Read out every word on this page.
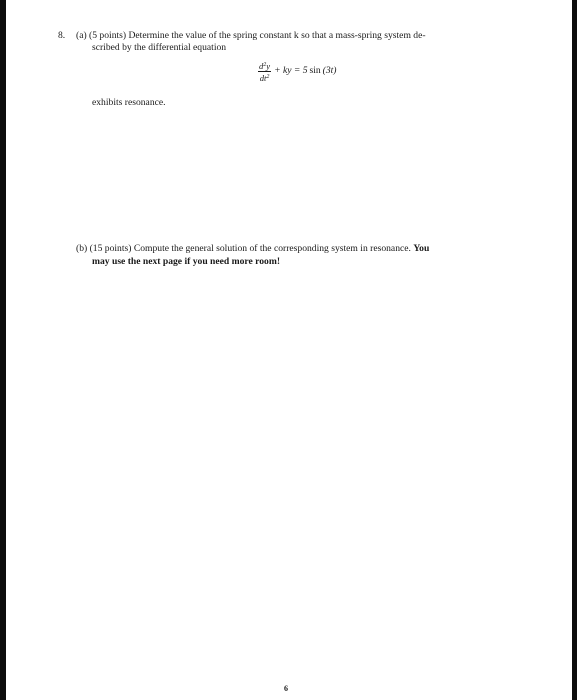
8. (a) (5 points) Determine the value of the spring constant k so that a mass-spring system de-
scribed by the differential equation
$\frac{d^2y}{dt^2}$ + ky = 5  sin  (3t)
exhibits resonance.
(b) (15 points) Compute the general solution of the corresponding system in resonance. You
may use the next page if you need more room!
6
